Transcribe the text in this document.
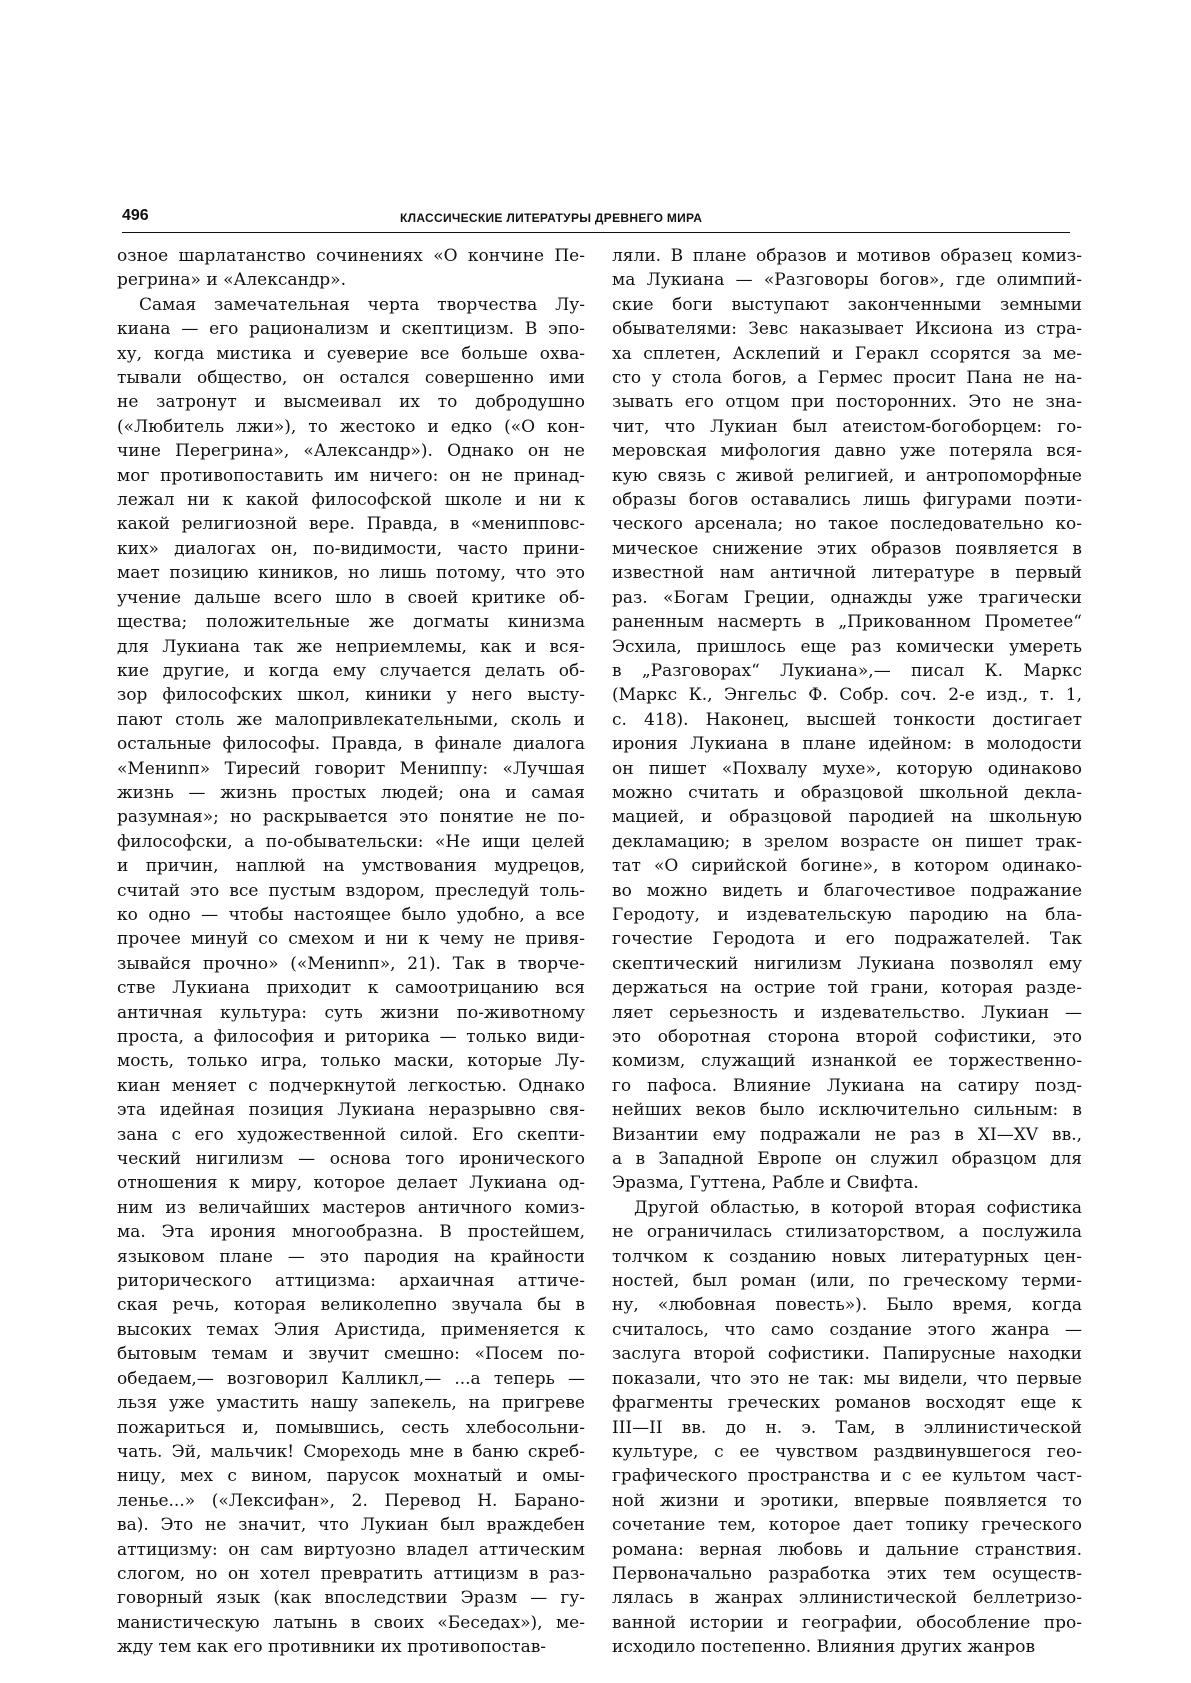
496	КЛАССИЧЕСКИЕ ЛИТЕРАТУРЫ ДРЕВНЕГО МИРА
озное шарлатанство сочинениях «О кончине Пе-
регрина» и «Александр».
Самая замечательная черта творчества Лу-
киана — его рационализм и скептицизм. В эпо-
ху, когда мистика и суеверие все больше охва-
тывали общество, он остался совершенно ими
не затронут и высмеивал их то добродушно
(«Любитель лжи»), то жестоко и едко («О кон-
чине Перегрина», «Александр»). Однако он не
мог противопоставить им ничего: он не принад-
лежал ни к какой философской школе и ни к
какой религиозной вере. Правда, в «менипповс-
ких» диалогах он, по-видимости, часто прини-
мает позицию киников, но лишь потому, что это
учение дальше всего шло в своей критике об-
щества; положительные же догматы кинизма
для Лукиана так же неприемлемы, как и вся-
кие другие, и когда ему случается делать об-
зор философских школ, киники у него высту-
пают столь же малопривлекательными, сколь и
остальные философы. Правда, в финале диалога
«Мениnп» Тиресий говорит Мениппу: «Лучшая
жизнь — жизнь простых людей; она и самая
разумная»; но раскрывается это понятие не по-
философски, а по-обывательски: «Не ищи целей
и причин, наплюй на умствования мудрецов,
считай это все пустым вздором, преследуй толь-
ко одно — чтобы настоящее было удобно, а все
прочее минуй со смехом и ни к чему не привя-
зывайся прочно» («Мениnп», 21). Так в творче-
стве Лукиана приходит к самоотрицанию вся
античная культура: суть жизни по-животному
проста, а философия и риторика — только види-
мость, только игра, только маски, которые Лу-
киан меняет с подчеркнутой легкостью. Однако
эта идейная позиция Лукиана неразрывно свя-
зана с его художественной силой. Его скепти-
ческий нигилизм — основа того иронического
отношения к миру, которое делает Лукиана од-
ним из величайших мастеров античного комиз-
ма. Эта ирония многообразна. В простейшем,
языковом плане — это пародия на крайности
риторического аттицизма: архаичная аттиче-
ская речь, которая великолепно звучала бы в
высоких темах Элия Аристида, применяется к
бытовым темам и звучит смешно: «Посем по-
обедаем,— возговорил Калликл,— ...а теперь —
льзя уже умастить нашу запекель, на пригреве
пожариться и, помывшись, сесть хлебосольни-
чать. Эй, мальчик! Смореходь мне в баню скреб-
ницу, мех с вином, парусок мохнатый и омы-
ленье...» («Лексифан», 2. Перевод Н. Барано-
ва). Это не значит, что Лукиан был враждебен
аттицизму: он сам виртуозно владел аттическим
слогом, но он хотел превратить аттицизм в раз-
говорный язык (как впоследствии Эразм — гу-
манистическую латынь в своих «Беседах»), ме-
жду тем как его противники их противопостав-
ляли. В плане образов и мотивов образец комиз-
ма Лукиана — «Разговоры богов», где олимпий-
ские боги выступают законченными земными
обывателями: Зевс наказывает Иксиона из стра-
ха сплетен, Асклепий и Геракл ссорятся за ме-
сто у стола богов, а Гермес просит Пана не на-
зывать его отцом при посторонних. Это не зна-
чит, что Лукиан был атеистом-богоборцем: го-
меровская мифология давно уже потеряла вся-
кую связь с живой религией, и антропоморфные
образы богов оставались лишь фигурами поэти-
ческого арсенала; но такое последовательно ко-
мическое снижение этих образов появляется в
известной нам античной литературе в первый
раз. «Богам Греции, однажды уже трагически
раненным насмерть в „Прикованном Прометее“
Эсхила, пришлось еще раз комически умереть
в „Разговорах“ Лукиана»,— писал К. Маркс
(Маркс К., Энгельс Ф. Собр. соч. 2-е изд., т. 1,
с. 418). Наконец, высшей тонкости достигает
ирония Лукиана в плане идейном: в молодости
он пишет «Похвалу мухе», которую одинаково
можно считать и образцовой школьной декла-
мацией, и образцовой пародией на школьную
декламацию; в зрелом возрасте он пишет трак-
тат «О сирийской богине», в котором одинако-
во можно видеть и благочестивое подражание
Геродоту, и издевательскую пародию на бла-
гочестие Геродота и его подражателей. Так
скептический нигилизм Лукиана позволял ему
держаться на острие той грани, которая разде-
ляет серьезность и издевательство. Лукиан —
это оборотная сторона второй софистики, это
комизм, служащий изнанкой ее торжественно-
го пафоса. Влияние Лукиана на сатиру позд-
нейших веков было исключительно сильным: в
Византии ему подражали не раз в XI—XV вв.,
а в Западной Европе он служил образцом для
Эразма, Гуттена, Рабле и Свифта.
Другой областью, в которой вторая софистика
не ограничилась стилизаторством, а послужила
толчком к созданию новых литературных цен-
ностей, был роман (или, по греческому терми-
ну, «любовная повесть»). Было время, когда
считалось, что само создание этого жанра —
заслуга второй софистики. Папирусные находки
показали, что это не так: мы видели, что первые
фрагменты греческих романов восходят еще к
III—II вв. до н. э. Там, в эллинистической
культуре, с ее чувством раздвинувшегося гео-
графического пространства и с ее культом част-
ной жизни и эротики, впервые появляется то
сочетание тем, которое дает топику греческого
романа: верная любовь и дальние странствия.
Первоначально разработка этих тем осуществ-
лялась в жанрах эллинистической беллетризо-
ванной истории и географии, обособление про-
исходило постепенно. Влияния других жанров
